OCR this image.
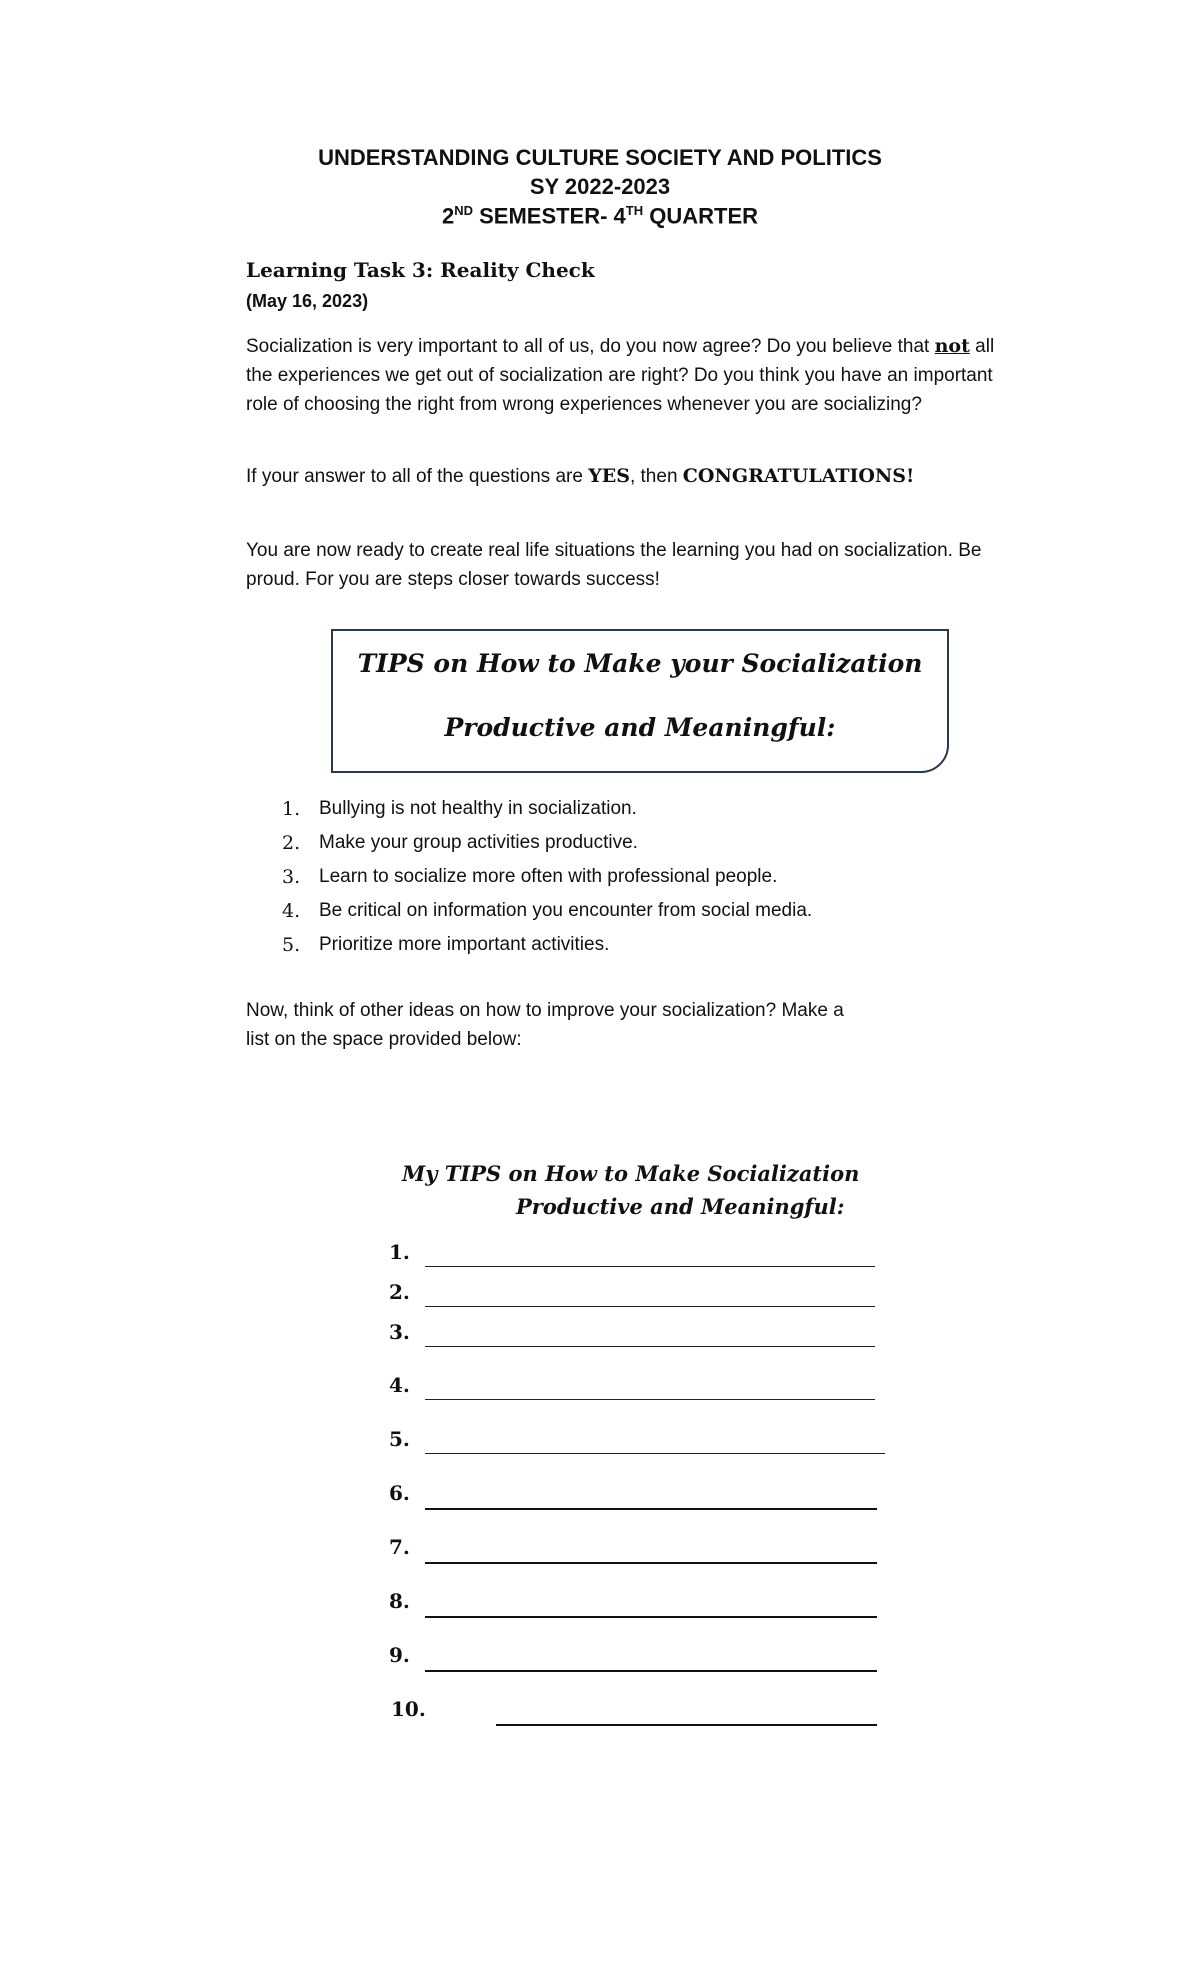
UNDERSTANDING CULTURE SOCIETY AND POLITICS
SY 2022-2023
2ND SEMESTER- 4TH QUARTER
Learning Task 3: Reality Check
(May 16, 2023)
Socialization is very important to all of us, do you now agree? Do you believe that not all
the experiences we get out of socialization are right? Do you think you have an important
role of choosing the right from wrong experiences whenever you are socializing?
If your answer to all of the questions are YES, then CONGRATULATIONS!
You are now ready to create real life situations the learning you had on socialization. Be
proud. For you are steps closer towards success!
TIPS on How to Make your Socialization
Productive and Meaningful:
1. Bullying is not healthy in socialization.
2. Make your group activities productive.
3. Learn to socialize more often with professional people.
4. Be critical on information you encounter from social media.
5. Prioritize more important activities.
Now, think of other ideas on how to improve your socialization? Make a
list on the space provided below:
My TIPS on How to Make Socialization
Productive and Meaningful:
1.
2.
3.
4.
5.
6.
7.
8.
9.
10.
